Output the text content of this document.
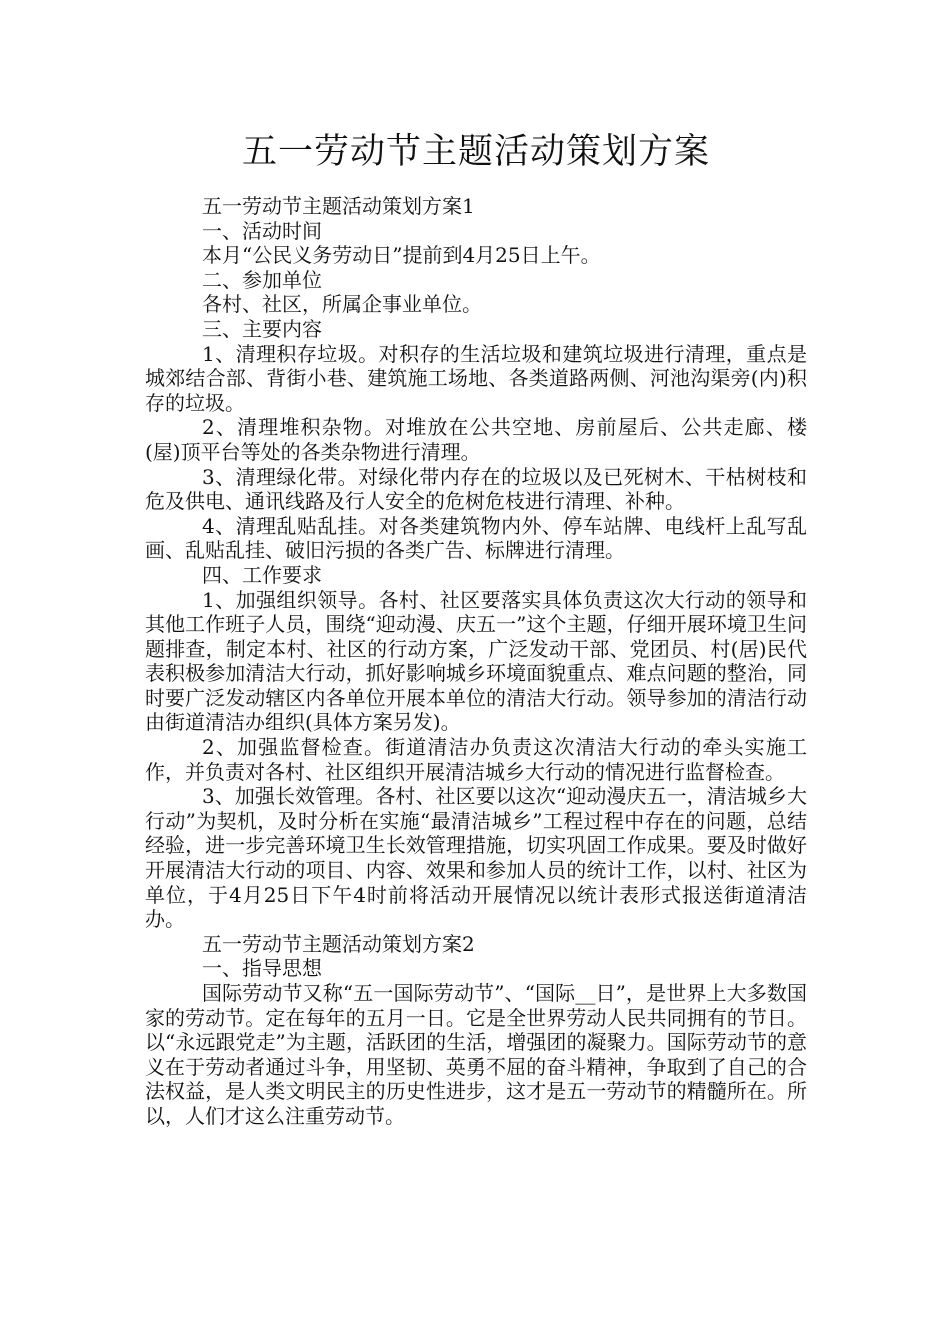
五一劳动节主题活动策划方案

五一劳动节主题活动策划方案1

一、活动时间

本月“公民义务劳动日”提前到4月25日上午。

二、参加单位

各村、社区，所属企事业单位。

三、主要内容

1、清理积存垃圾。对积存的生活垃圾和建筑垃圾进行清理，重点是城郊结合部、背街小巷、建筑施工场地、各类道路两侧、河池沟渠旁(内)积存的垃圾。

2、清理堆积杂物。对堆放在公共空地、房前屋后、公共走廊、楼(屋)顶平台等处的各类杂物进行清理。

3、清理绿化带。对绿化带内存在的垃圾以及已死树木、干枯树枝和危及供电、通讯线路及行人安全的危树危枝进行清理、补种。

4、清理乱贴乱挂。对各类建筑物内外、停车站牌、电线杆上乱写乱画、乱贴乱挂、破旧污损的各类广告、标牌进行清理。

四、工作要求

1、加强组织领导。各村、社区要落实具体负责这次大行动的领导和其他工作班子人员，围绕“迎动漫、庆五一”这个主题，仔细开展环境卫生问题排查，制定本村、社区的行动方案，广泛发动干部、党团员、村(居)民代表积极参加清洁大行动，抓好影响城乡环境面貌重点、难点问题的整治，同时要广泛发动辖区内各单位开展本单位的清洁大行动。领导参加的清洁行动由街道清洁办组织(具体方案另发)。

2、加强监督检查。街道清洁办负责这次清洁大行动的牵头实施工作，并负责对各村、社区组织开展清洁城乡大行动的情况进行监督检查。

3、加强长效管理。各村、社区要以这次“迎动漫庆五一，清洁城乡大行动”为契机，及时分析在实施“最清洁城乡”工程过程中存在的问题，总结经验，进一步完善环境卫生长效管理措施，切实巩固工作成果。要及时做好开展清洁大行动的项目、内容、效果和参加人员的统计工作，以村、社区为单位，于4月25日下午4时前将活动开展情况以统计表形式报送街道清洁办。

五一劳动节主题活动策划方案2

一、指导思想

国际劳动节又称“五一国际劳动节”、“国际__日”，是世界上大多数国家的劳动节。定在每年的五月一日。它是全世界劳动人民共同拥有的节日。以“永远跟党走”为主题，活跃团的生活，增强团的凝聚力。国际劳动节的意义在于劳动者通过斗争，用坚韧、英勇不屈的奋斗精神，争取到了自己的合法权益，是人类文明民主的历史性进步，这才是五一劳动节的精髓所在。所以，人们才这么注重劳动节。
